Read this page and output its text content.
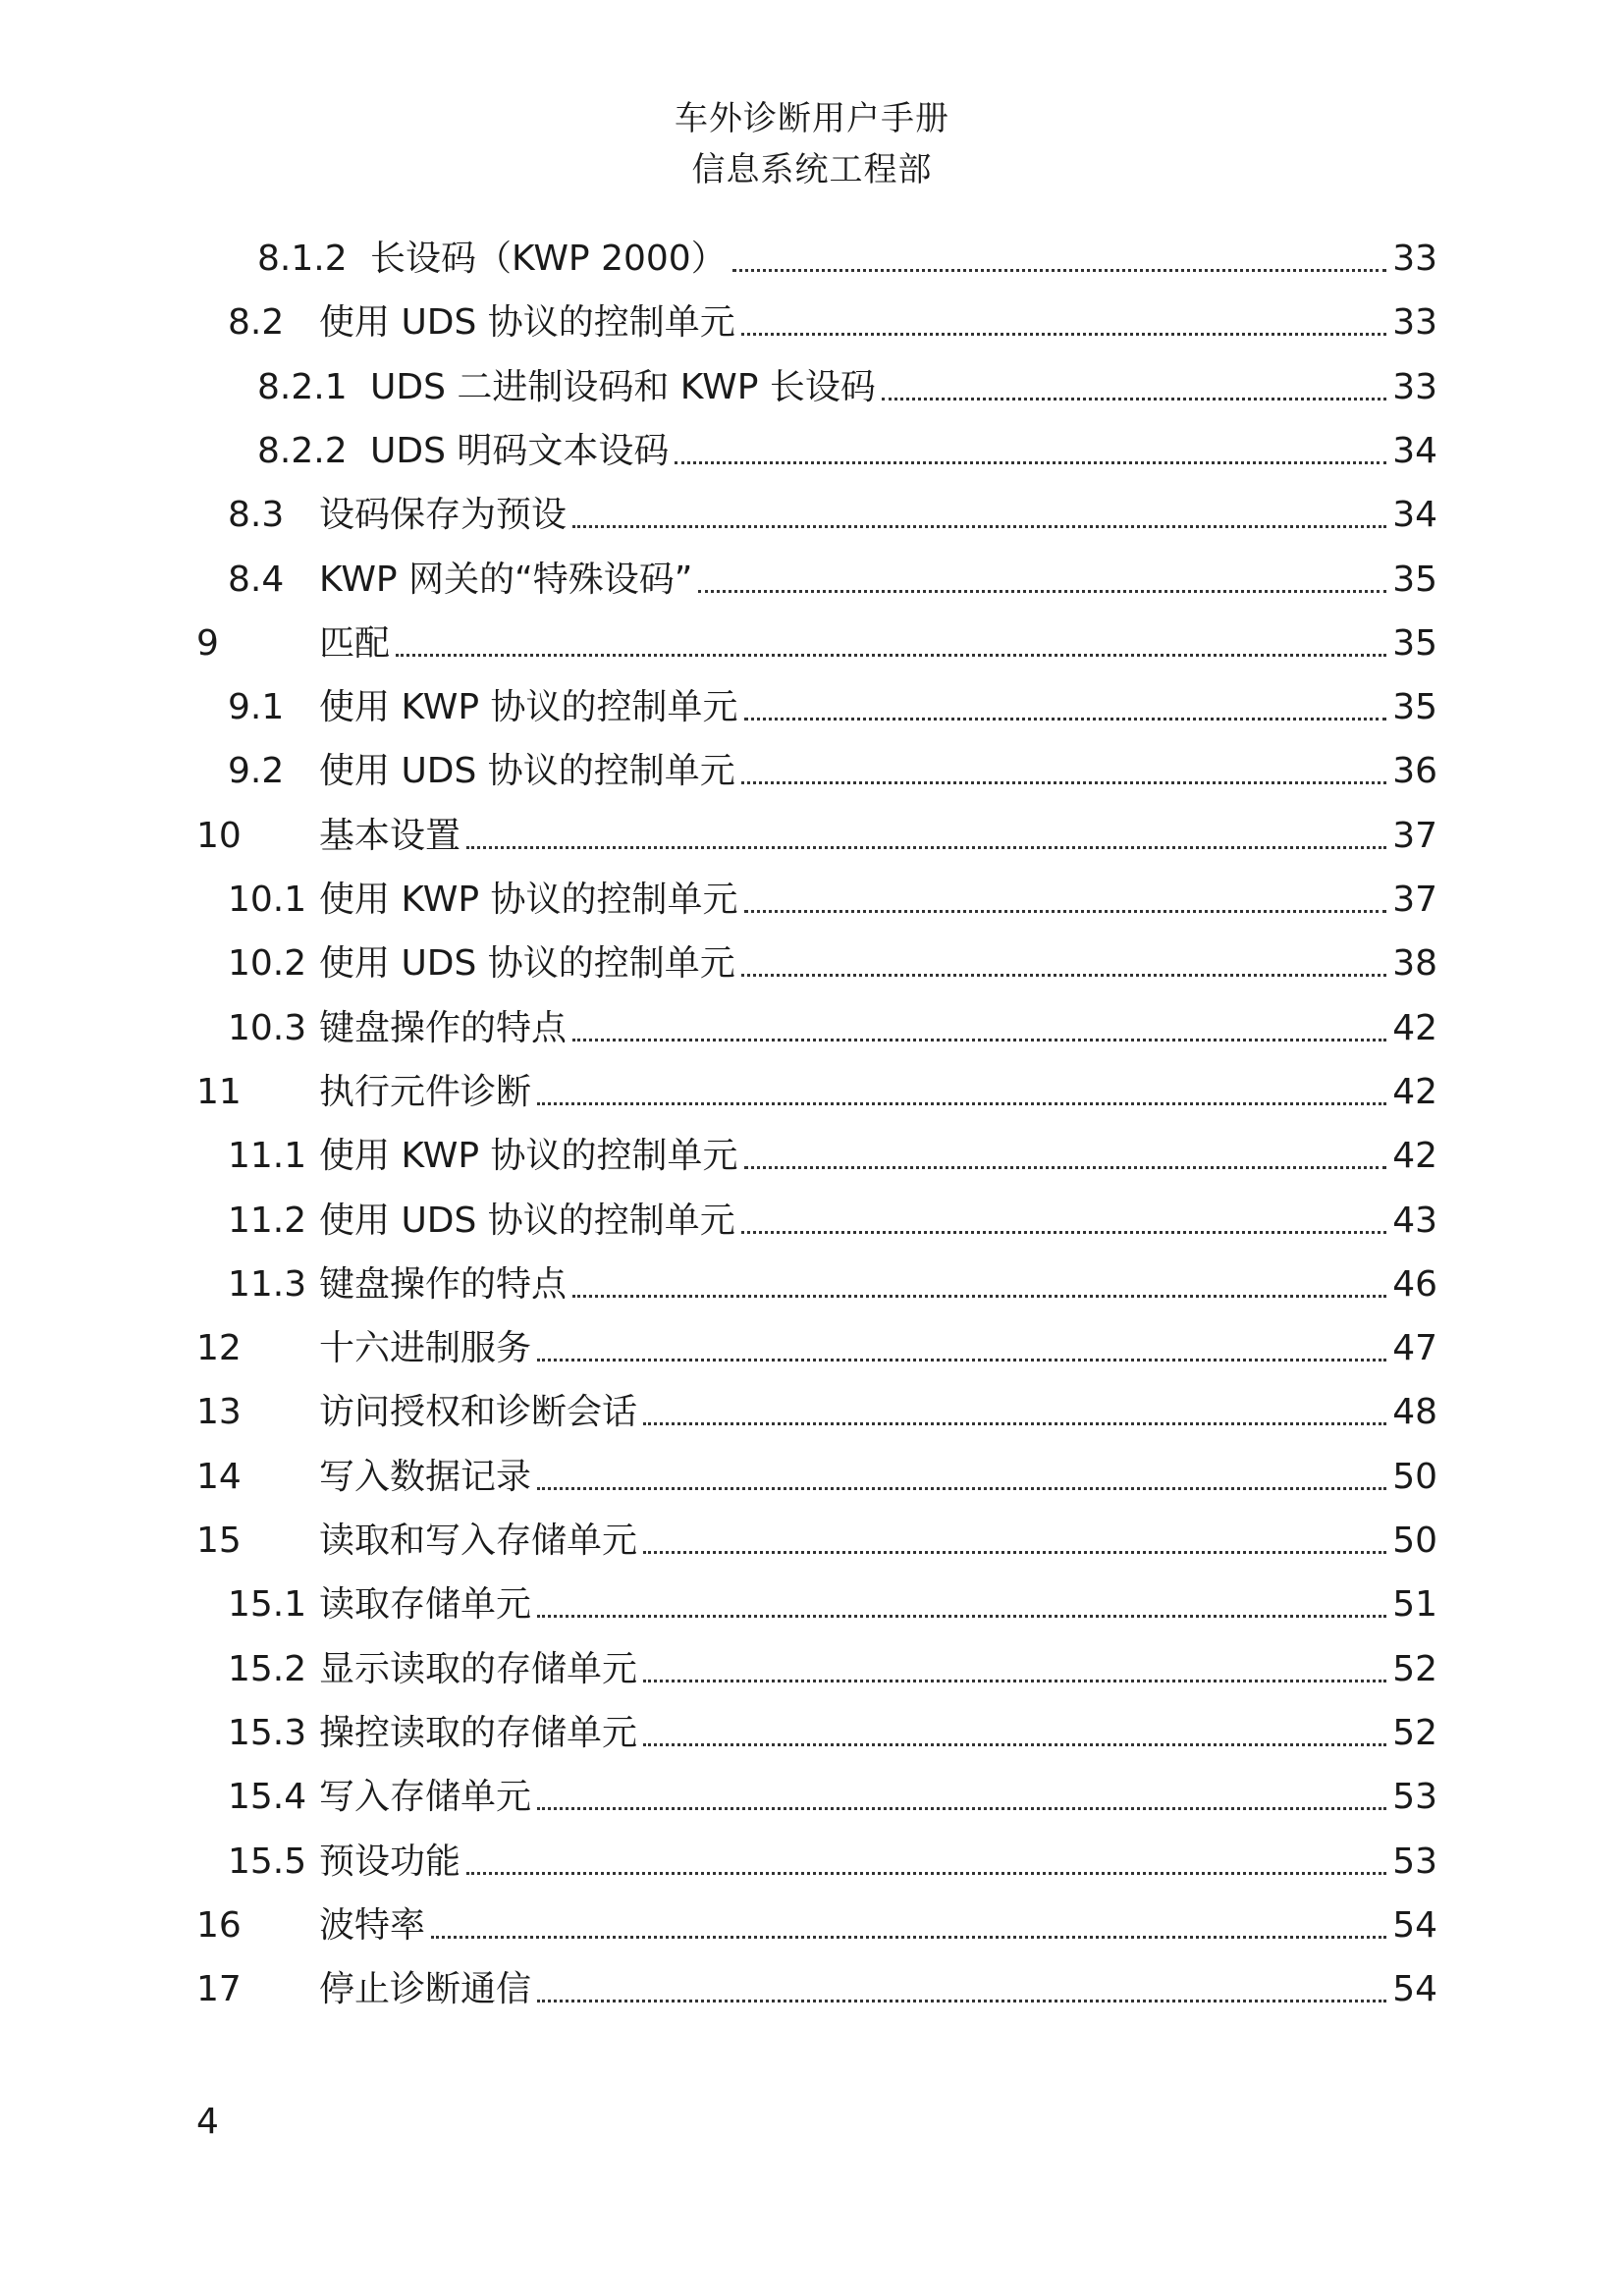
车外诊断用户手册
信息系统工程部
8.1.2 长设码（KWP 2000）	33
8.2 使用 UDS 协议的控制单元	33
8.2.1 UDS 二进制设码和 KWP 长设码	33
8.2.2 UDS 明码文本设码	34
8.3 设码保存为预设	34
8.4 KWP 网关的“特殊设码”	35
9	匹配	35
9.1 使用 KWP 协议的控制单元	35
9.2 使用 UDS 协议的控制单元	36
10	基本设置	37
10.1 使用 KWP 协议的控制单元	37
10.2 使用 UDS 协议的控制单元	38
10.3 键盘操作的特点	42
11	执行元件诊断	42
11.1 使用 KWP 协议的控制单元	42
11.2 使用 UDS 协议的控制单元	43
11.3 键盘操作的特点	46
12	十六进制服务	47
13	访问授权和诊断会话	48
14	写入数据记录	50
15	读取和写入存储单元	50
15.1 读取存储单元	51
15.2 显示读取的存储单元	52
15.3 操控读取的存储单元	52
15.4 写入存储单元	53
15.5 预设功能	53
16	波特率	54
17	停止诊断通信	54
4
